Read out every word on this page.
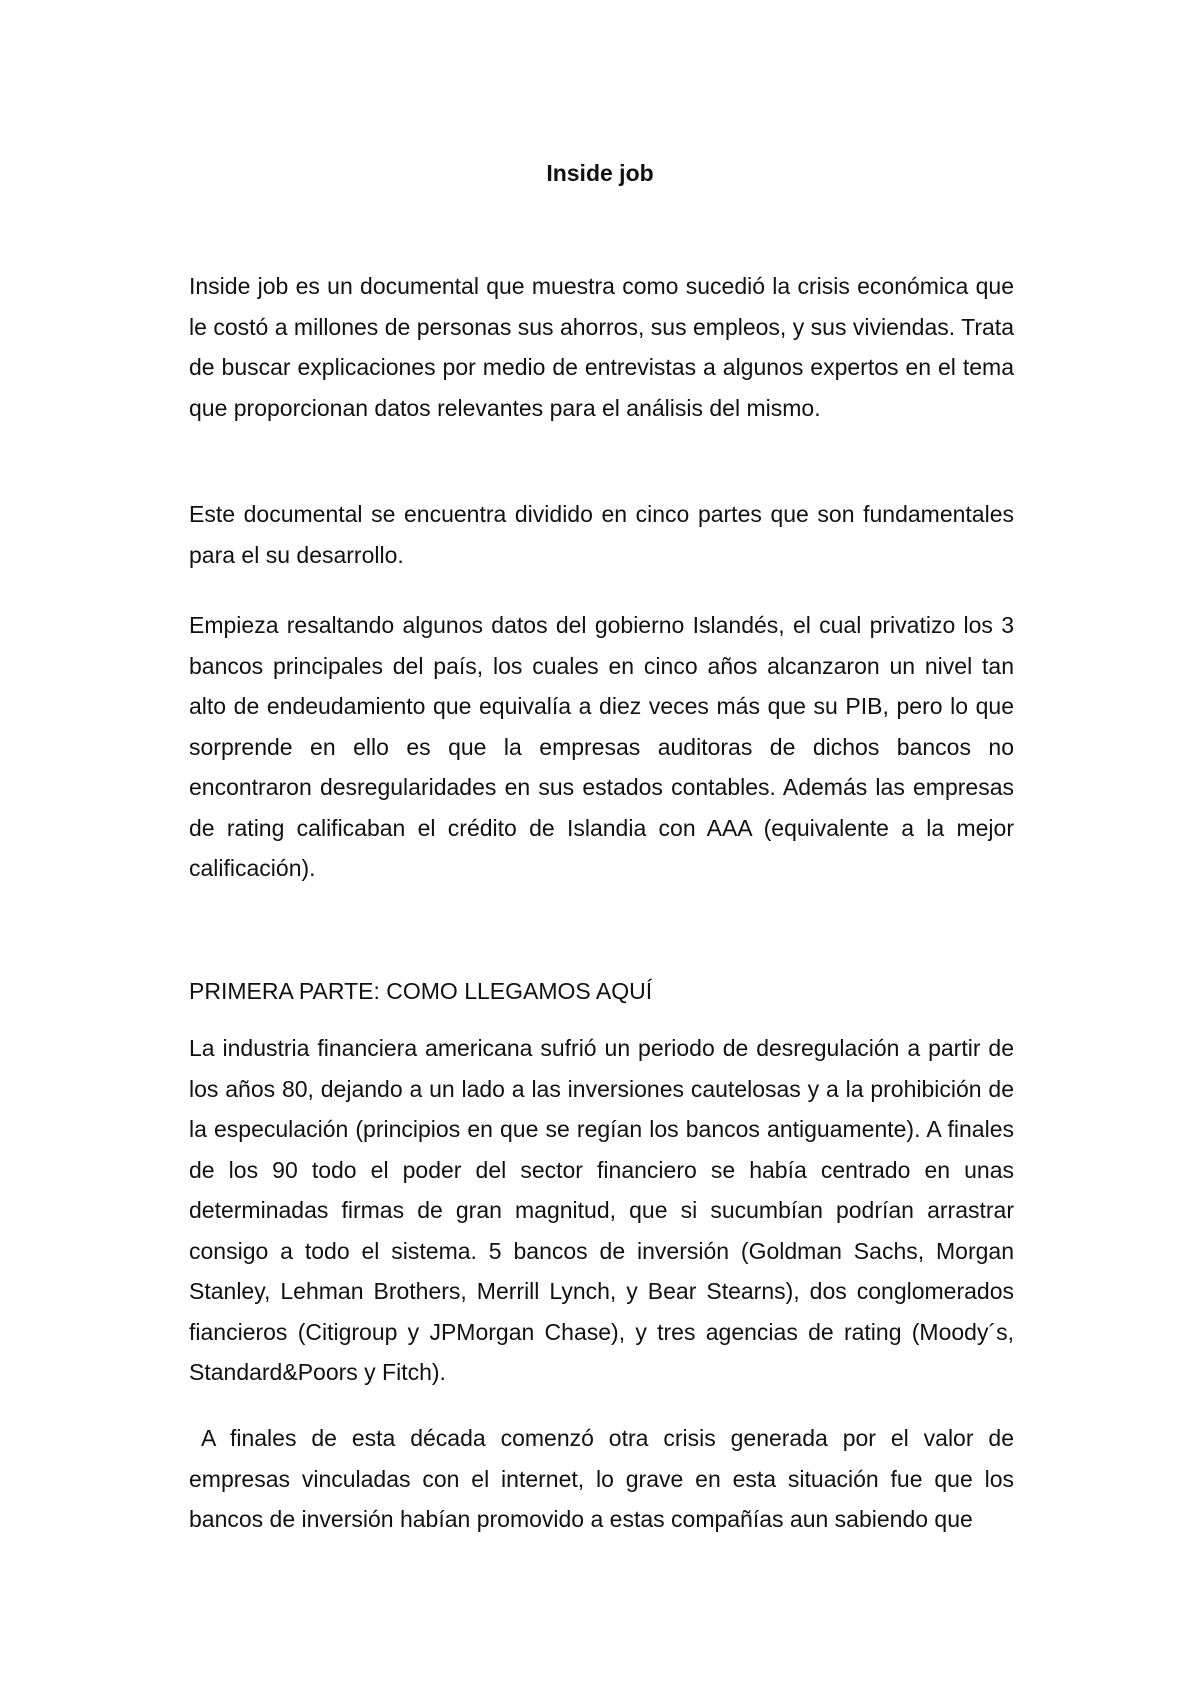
Inside job

Inside job es un documental que muestra como sucedió la crisis económica que le costó a millones de personas sus ahorros, sus empleos, y sus viviendas. Trata de buscar explicaciones por medio de entrevistas a algunos expertos en el tema que proporcionan datos relevantes para el análisis del mismo.

Este documental se encuentra dividido en cinco partes que son fundamentales para el su desarrollo.

Empieza resaltando algunos datos del gobierno Islandés, el cual privatizo los 3 bancos principales del país, los cuales en cinco años alcanzaron un nivel tan alto de endeudamiento que equivalía a diez veces más que su PIB, pero lo que sorprende en ello es que la empresas auditoras de dichos bancos no encontraron desregularidades en sus estados contables. Además las empresas de rating calificaban el crédito de Islandia con AAA (equivalente a la mejor calificación).

PRIMERA PARTE: COMO LLEGAMOS AQUÍ

La industria financiera americana sufrió un periodo de desregulación a partir de los años 80, dejando a un lado a las inversiones cautelosas y a la prohibición de la especulación (principios en que se regían los bancos antiguamente). A finales de los 90 todo el poder del sector financiero se había centrado en unas determinadas firmas de gran magnitud, que si sucumbían podrían arrastrar consigo a todo el sistema. 5 bancos de inversión (Goldman Sachs, Morgan Stanley, Lehman Brothers, Merrill Lynch, y Bear Stearns), dos conglomerados fiancieros (Citigroup y JPMorgan Chase), y tres agencias de rating (Moody´s, Standard&Poors y Fitch).

A finales de esta década comenzó otra crisis generada por el valor de empresas vinculadas con el internet, lo grave en esta situación fue que los bancos de inversión habían promovido a estas compañías aun sabiendo que
